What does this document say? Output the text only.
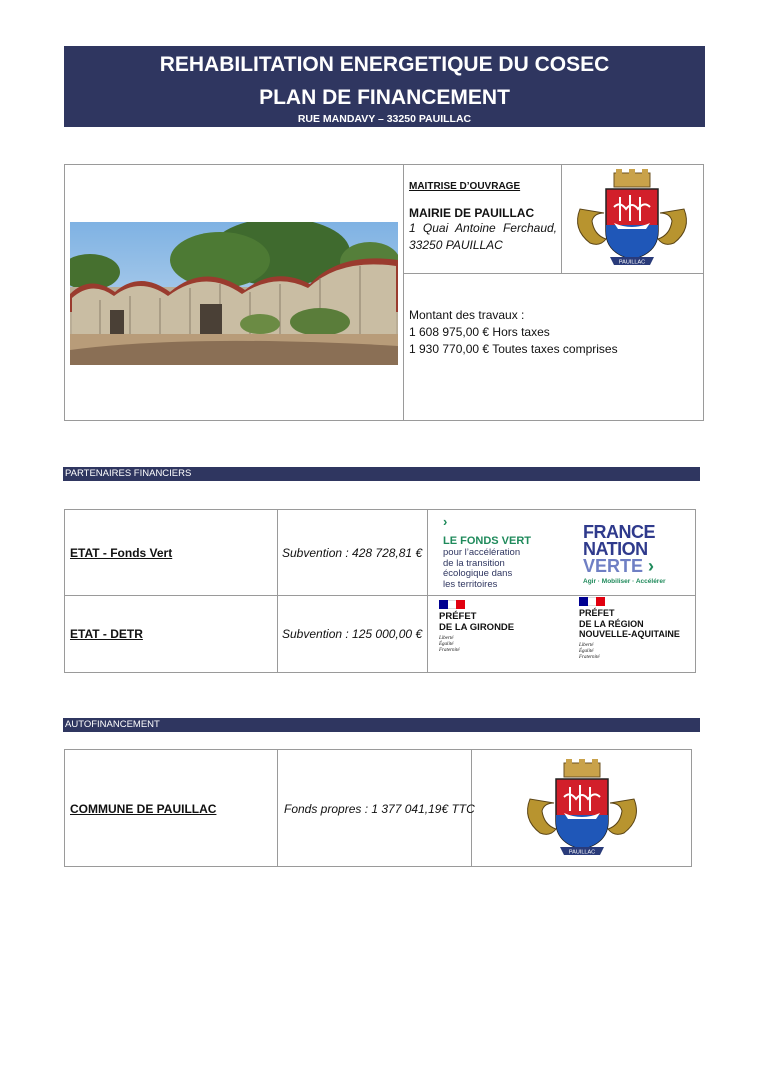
REHABILITATION ENERGETIQUE DU COSEC
PLAN DE FINANCEMENT
RUE MANDAVY – 33250 PAUILLAC
MAITRISE D’OUVRAGE
MAIRIE DE PAUILLAC
1 Quai Antoine Ferchaud,
33250 PAUILLAC
PAUILLAC
Montant des travaux :
1 608 975,00 € Hors taxes
1 930 770,00 € Toutes taxes comprises
PARTENAIRES FINANCIERS
ETAT - Fonds Vert	Subvention : 428 728,81 €
›
LE FONDS VERT
pour l’accélération
de la transition
écologique dans
les territoires
FRANCE
NATION
VERTE ›
Agir · Mobiliser · Accélérer
ETAT - DETR	Subvention : 125 000,00 €
PRÉFET
DE LA GIRONDE
Liberté
Égalité
Fraternité
PRÉFET
DE LA RÉGION
NOUVELLE-AQUITAINE
Liberté
Égalité
Fraternité
AUTOFINANCEMENT
COMMUNE DE PAUILLAC	Fonds propres : 1 377 041,19€ TTC
PAUILLAC
